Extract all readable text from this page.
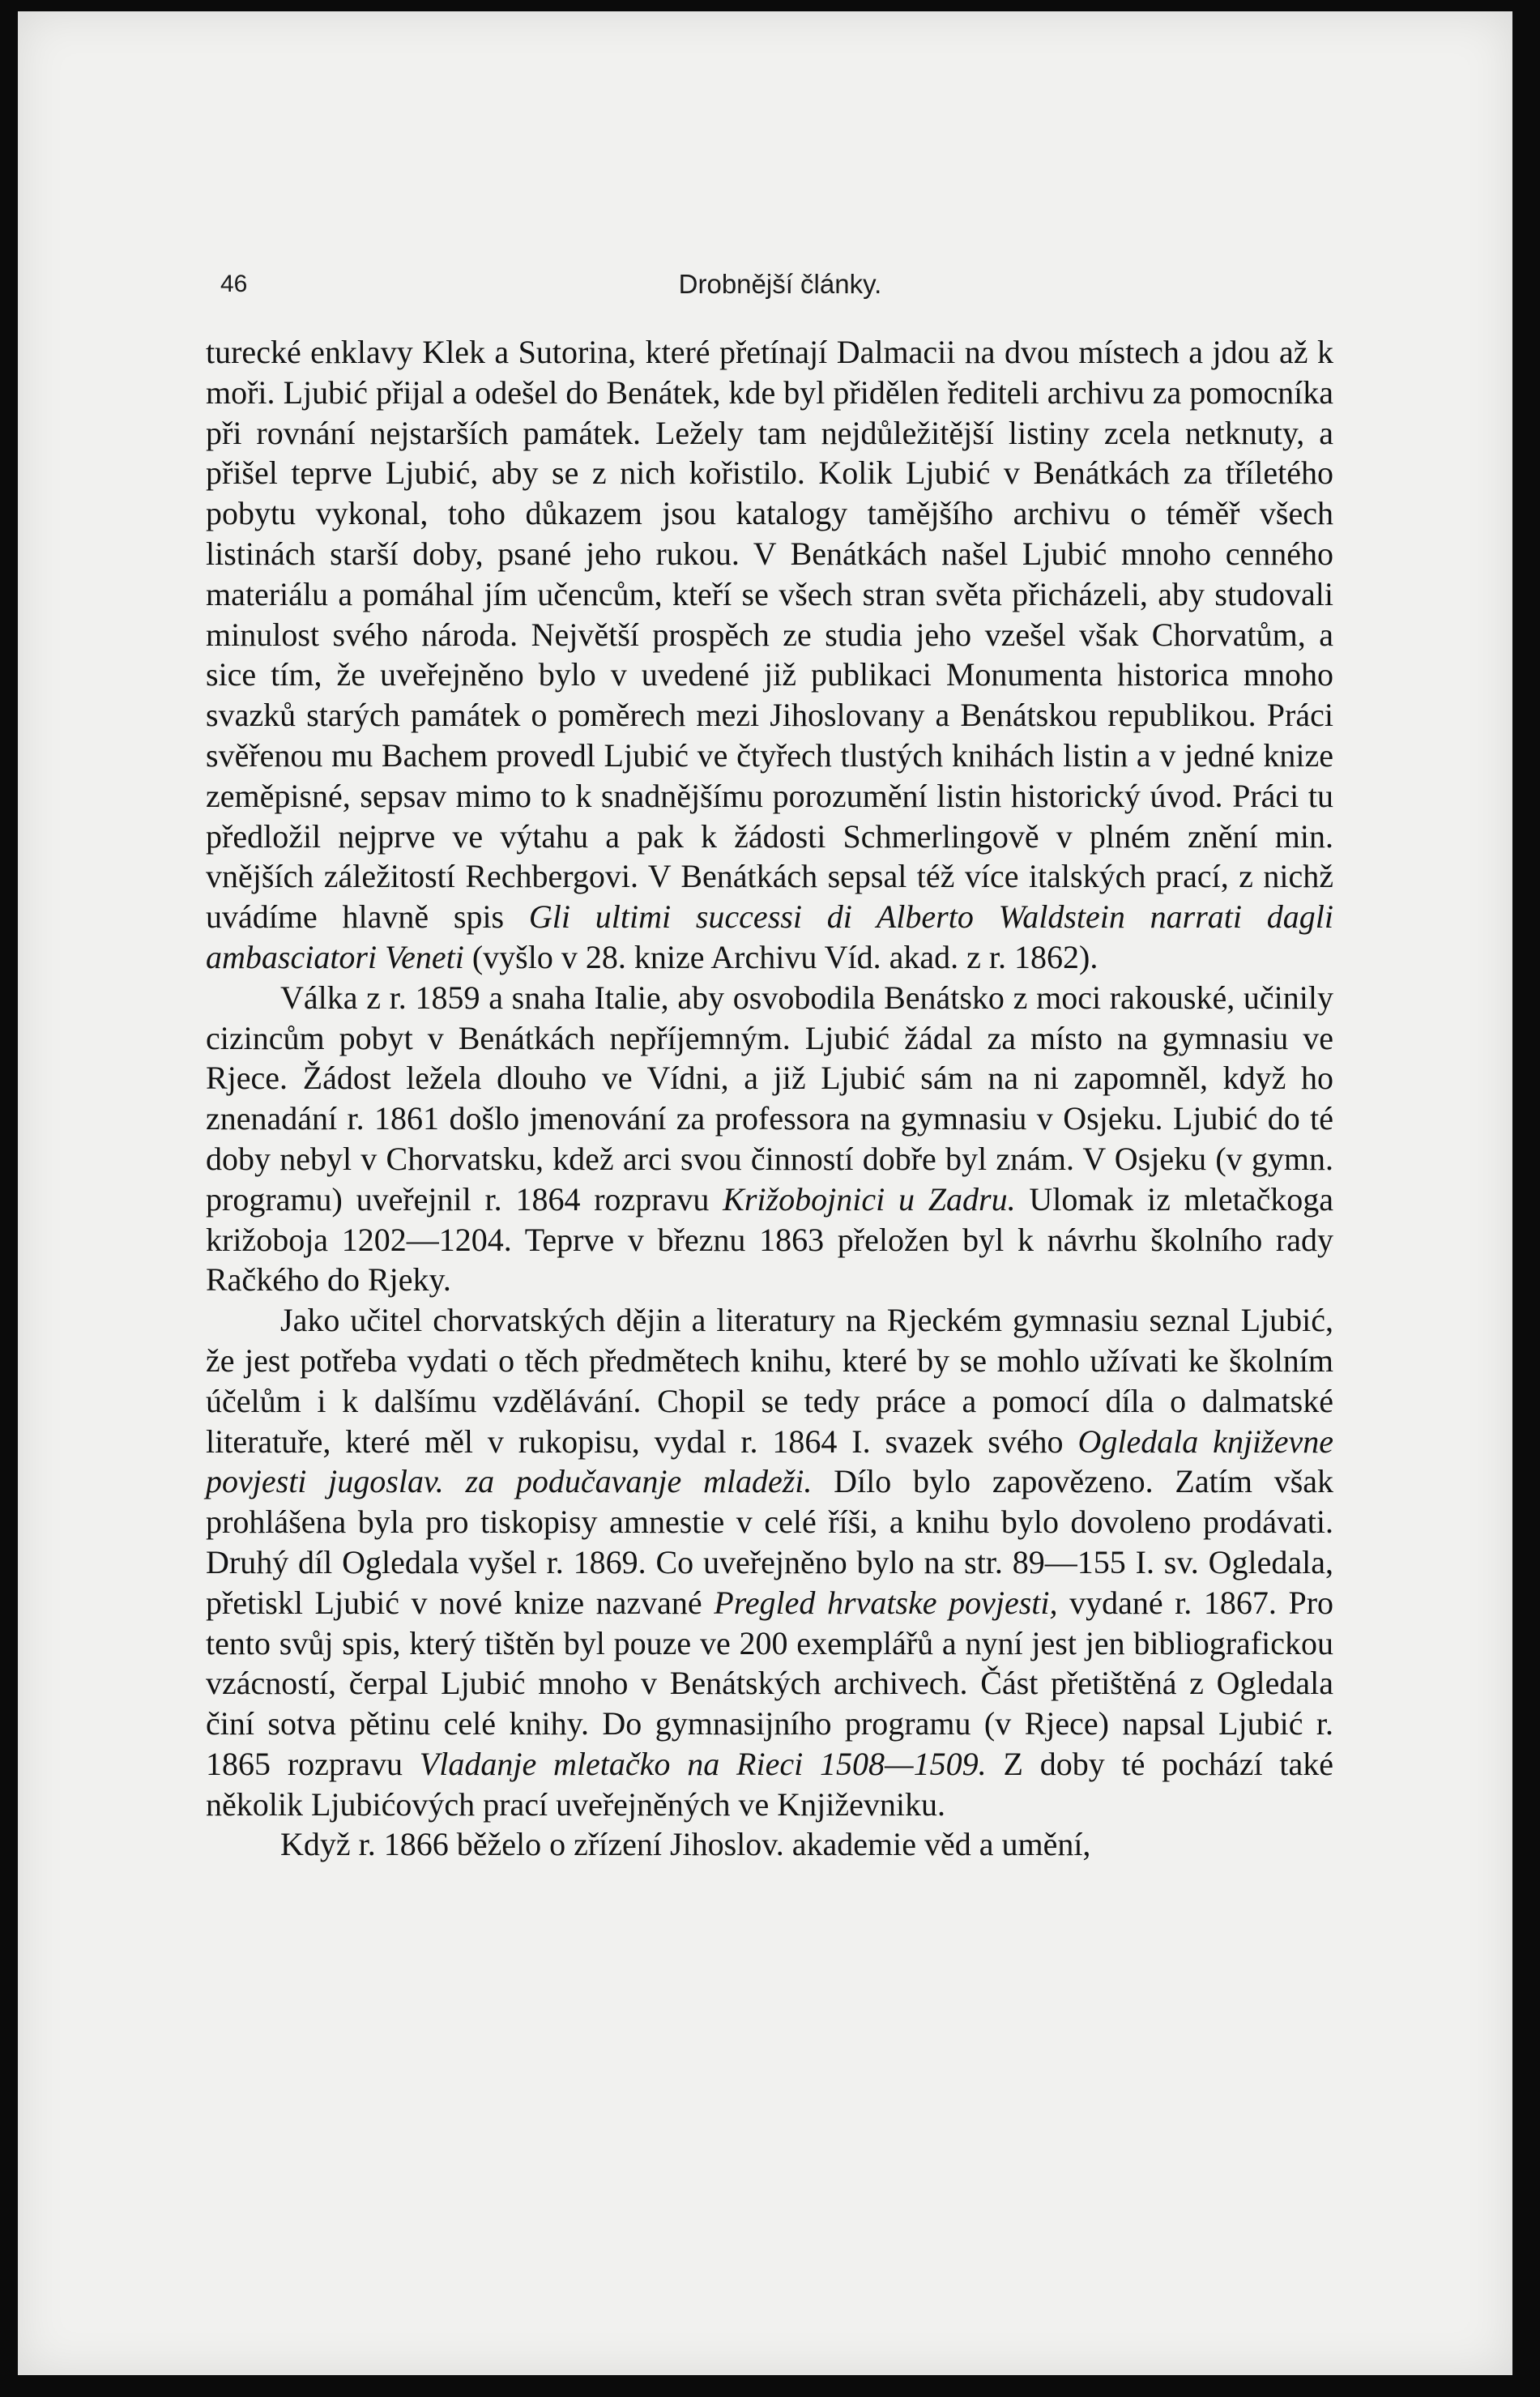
46	Drobnější články.

turecké enklavy Klek a Sutorina, které přetínají Dalmacii na dvou místech a jdou až k moři. Ljubić přijal a odešel do Benátek, kde byl přidělen řediteli archivu za pomocníka při rovnání nejstarších památek. Ležely tam nejdůležitější listiny zcela netknuty, a přišel teprve Ljubić, aby se z nich kořistilo. Kolik Ljubić v Benátkách za tříletého pobytu vykonal, toho důkazem jsou katalogy tamějšího archivu o téměř všech listinách starší doby, psané jeho rukou. V Benátkách našel Ljubić mnoho cenného materiálu a pomáhal jím učencům, kteří se všech stran světa přicházeli, aby studovali minulost svého národa. Největší prospěch ze studia jeho vzešel však Chorvatům, a sice tím, že uveřejněno bylo v uvedené již publikaci Monumenta historica mnoho svazků starých památek o poměrech mezi Jihoslovany a Benátskou republikou. Práci svěřenou mu Bachem provedl Ljubić ve čtyřech tlustých knihách listin a v jedné knize zeměpisné, sepsav mimo to k snadnějšímu porozumění listin historický úvod. Práci tu předložil nejprve ve výtahu a pak k žádosti Schmerlingově v plném znění min. vnějších záležitostí Rechbergovi. V Benátkách sepsal též více italských prací, z nichž uvádíme hlavně spis Gli ultimi successi di Alberto Waldstein narrati dagli ambasciatori Veneti (vyšlo v 28. knize Archivu Víd. akad. z r. 1862).

Válka z r. 1859 a snaha Italie, aby osvobodila Benátsko z moci rakouské, učinily cizincům pobyt v Benátkách nepříjemným. Ljubić žádal za místo na gymnasiu ve Rjece. Žádost ležela dlouho ve Vídni, a již Ljubić sám na ni zapomněl, když ho znenadání r. 1861 došlo jmenování za professora na gymnasiu v Osjeku. Ljubić do té doby nebyl v Chorvatsku, kdež arci svou činností dobře byl znám. V Osjeku (v gymn. programu) uveřejnil r. 1864 rozpravu Križobojnici u Zadru. Ulomak iz mletačkoga križoboja 1202—1204. Teprve v březnu 1863 přeložen byl k návrhu školního rady Račkého do Rjeky.

Jako učitel chorvatských dějin a literatury na Rjeckém gymnasiu seznal Ljubić, že jest potřeba vydati o těch předmětech knihu, které by se mohlo užívati ke školním účelům i k dalšímu vzdělávání. Chopil se tedy práce a pomocí díla o dalmatské literatuře, které měl v rukopisu, vydal r. 1864 I. svazek svého Ogledala književne povjesti jugoslav. za podučavanje mladeži. Dílo bylo zapovězeno. Zatím však prohlášena byla pro tiskopisy amnestie v celé říši, a knihu bylo dovoleno prodávati. Druhý díl Ogledala vyšel r. 1869. Co uveřejněno bylo na str. 89—155 I. sv. Ogledala, přetiskl Ljubić v nové knize nazvané Pregled hrvatske povjesti, vydané r. 1867. Pro tento svůj spis, který tištěn byl pouze ve 200 exemplářů a nyní jest jen bibliografickou vzácností, čerpal Ljubić mnoho v Benátských archivech. Část přetištěná z Ogledala činí sotva pětinu celé knihy. Do gymnasijního programu (v Rjece) napsal Ljubić r. 1865 rozpravu Vladanje mletačko na Rieci 1508—1509. Z doby té pochází také několik Ljubićových prací uveřejněných ve Književniku.

Když r. 1866 běželo o zřízení Jihoslov. akademie věd a umění,
